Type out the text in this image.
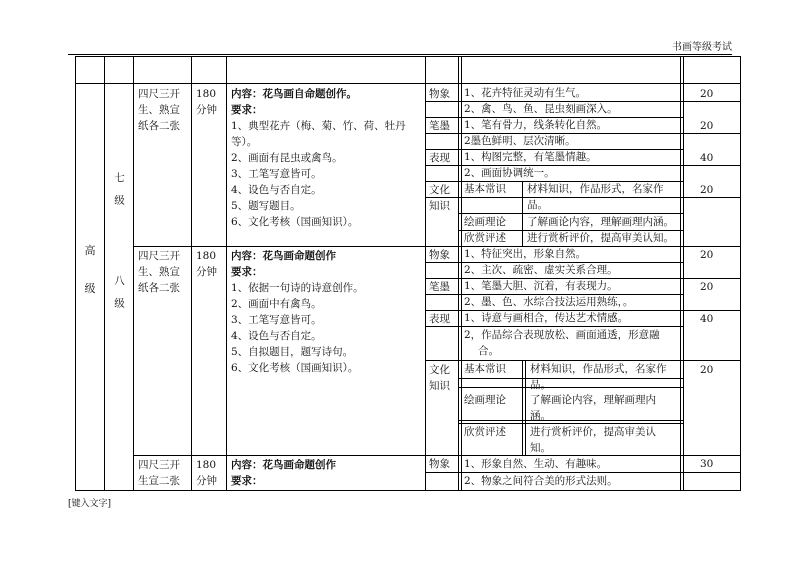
书画等级考试
高级
七级
八级
四尺三开
生、熟宣
纸各二张
180
分钟
内容：花鸟画自命题创作。
要求：
1、典型花卉（梅、菊、竹、荷、牡丹
等）。
2、画面有昆虫或禽鸟。
3、工笔写意皆可。
4、设色与否自定。
5、题写题目。
6、文化考核（国画知识）。
物象
笔墨
表现
文化
知识
1、花卉特征灵动有生气。
2、禽、鸟、鱼、昆虫刻画深入。
1、笔有骨力，线条转化自然。
2墨色鲜明、层次清晰。
1、构图完整，有笔墨情趣。
2、画面协调统一。
基本常识 材料知识，作品形式，名家作
品。
绘画理论 了解画论内容，理解画理内涵。
欣赏评述 进行赏析评价，提高审美认知。
20
20
40
20
四尺三开
生、熟宣
纸各二张
180
分钟
内容：花鸟画命题创作
要求：
1、依据一句诗的诗意创作。
2、画面中有禽鸟。
3、工笔写意皆可。
4、设色与否自定。
5、自拟题目，题写诗句。
6、文化考核（国画知识）。
物象
笔墨
表现
文化
知识
1、特征突出，形象自然。
2、主次、疏密、虚实关系合理。
1、笔墨大胆、沉着，有表现力。
2、墨、色、水综合技法运用熟练，。
1、诗意与画相合，传达艺术情感。
2，作品综合表现放松、画面通透，形意融
合。
基本常识 材料知识，作品形式，名家作
品。
绘画理论 了解画论内容，理解画理内
涵。
欣赏评述 进行赏析评价，提高审美认
知。
20
20
40
20
四尺三开
生宣二张
180
分钟
内容：花鸟画命题创作
要求：
物象 1、形象自然、生动、有趣味。
2、物象之间符合美的形式法则。
30
[键入文字]
